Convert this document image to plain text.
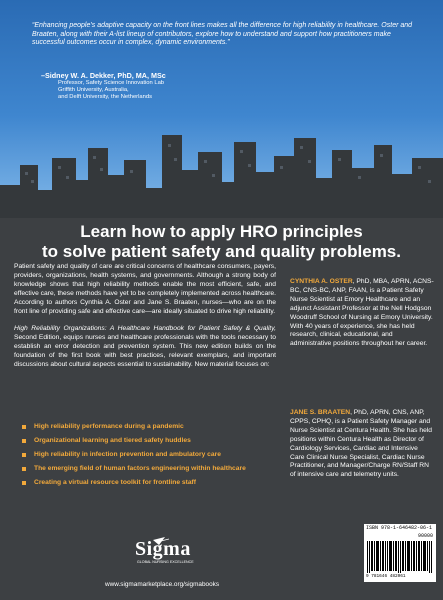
“Enhancing people’s adaptive capacity on the front lines makes all the difference for high reliability in healthcare. Oster and Braaten, along with their A-list lineup of contributors, explore how to understand and support how practitioners make successful outcomes occur in complex, dynamic environments.”
–Sidney W. A. Dekker, PhD, MA, MSc
Professor, Safety Science Innovation Lab
Griffith University, Australia,
and Delft University, the Netherlands
Learn how to apply HRO principles
to solve patient safety and quality problems.

Patient safety and quality of care are critical concerns of healthcare consumers, payers, providers, organizations, health systems, and governments. Although a strong body of knowledge shows that high reliability methods enable the most efficient, safe, and effective care, these methods have yet to be completely implemented across healthcare. According to authors Cynthia A. Oster and Jane S. Braaten, nurses—who are on the front line of providing safe and effective care—are ideally situated to drive high reliability.

High Reliability Organizations: A Healthcare Handbook for Patient Safety & Quality, Second Edition, equips nurses and healthcare professionals with the tools necessary to establish an error detection and prevention system. This new edition builds on the foundation of the first book with best practices, relevant exemplars, and important discussions about cultural aspects essential to sustainability. New material focuses on:

High reliability performance during a pandemic
Organizational learning and tiered safety huddles
High reliability in infection prevention and ambulatory care
The emerging field of human factors engineering within healthcare
Creating a virtual resource toolkit for frontline staff
CYNTHIA A. OSTER, PhD, MBA, APRN, ACNS-BC, CNS-BC, ANP, FAAN, is a Patient Safety Nurse Scientist at Emory Healthcare and an adjunct Assistant Professor at the Nell Hodgson Woodruff School of Nursing at Emory University. With 40 years of experience, she has held research, clinical, educational, and administrative positions throughout her career.
JANE S. BRAATEN, PhD, APRN, CNS, ANP, CPPS, CPHQ, is a Patient Safety Manager and Nurse Scientist at Centura Health. She has held positions within Centura Health as Director of Cardiology Services, Cardiac and Intensive Care Clinical Nurse Specialist, Cardiac Nurse Practitioner, and Manager/Charge RN/Staff RN of intensive care and telemetry units.
Sigma
GLOBAL NURSING EXCELLENCE
www.sigmamarketplace.org/sigmabooks
ISBN 978-1-646482-06-1
90000
9 781646 482061
